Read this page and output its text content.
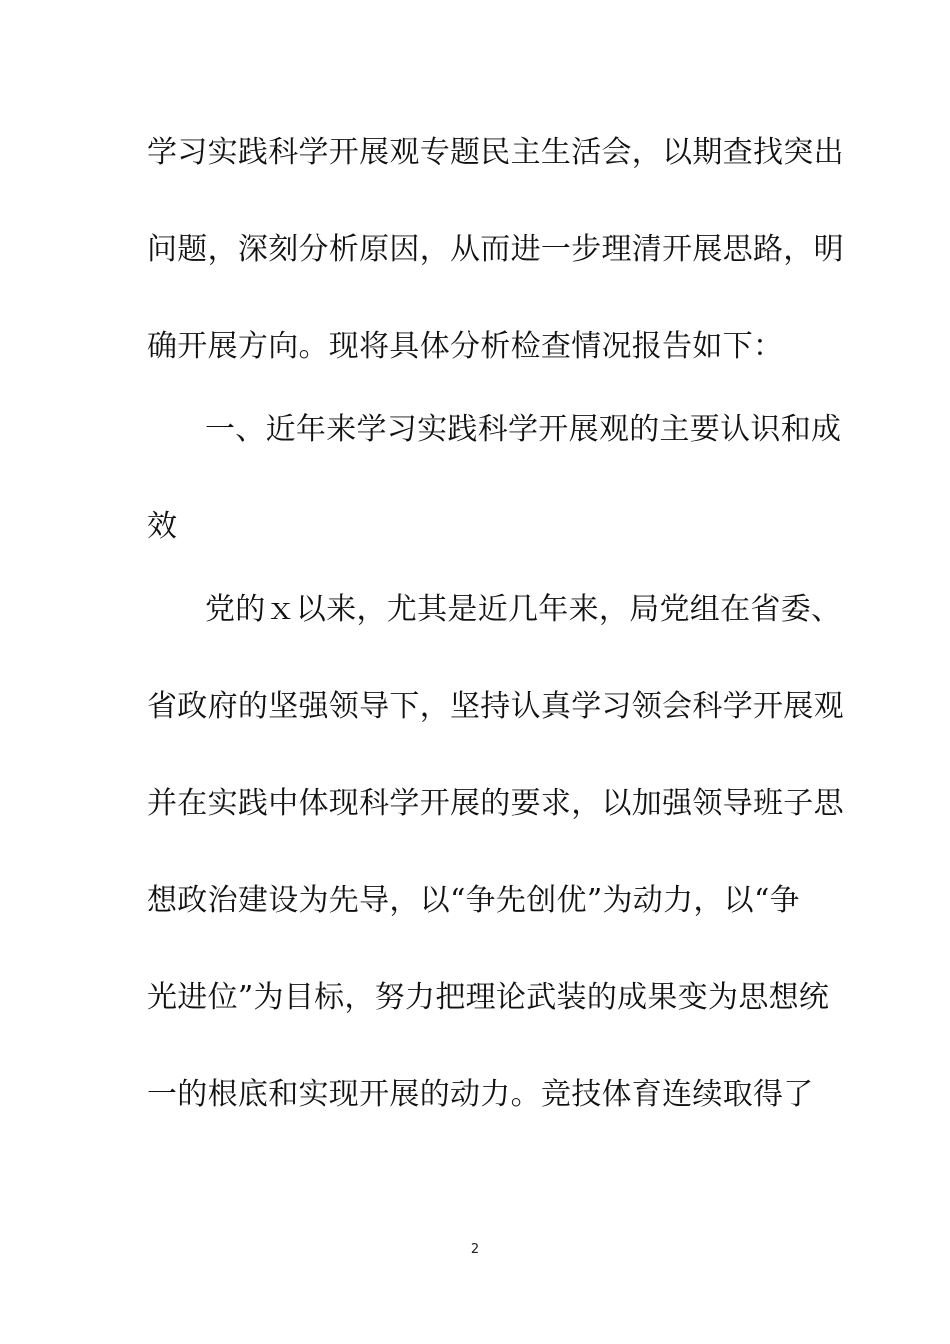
学习实践科学开展观专题民主生活会，以期查找突出
问题，深刻分析原因，从而进一步理清开展思路，明
确开展方向。现将具体分析检查情况报告如下：
一、近年来学习实践科学开展观的主要认识和成
效
党的ｘ以来，尤其是近几年来，局党组在省委、
省政府的坚强领导下，坚持认真学习领会科学开展观
并在实践中体现科学开展的要求，以加强领导班子思
想政治建设为先导，以“争先创优”为动力，以“争
光进位”为目标，努力把理论武装的成果变为思想统
一的根底和实现开展的动力。竞技体育连续取得了
2
